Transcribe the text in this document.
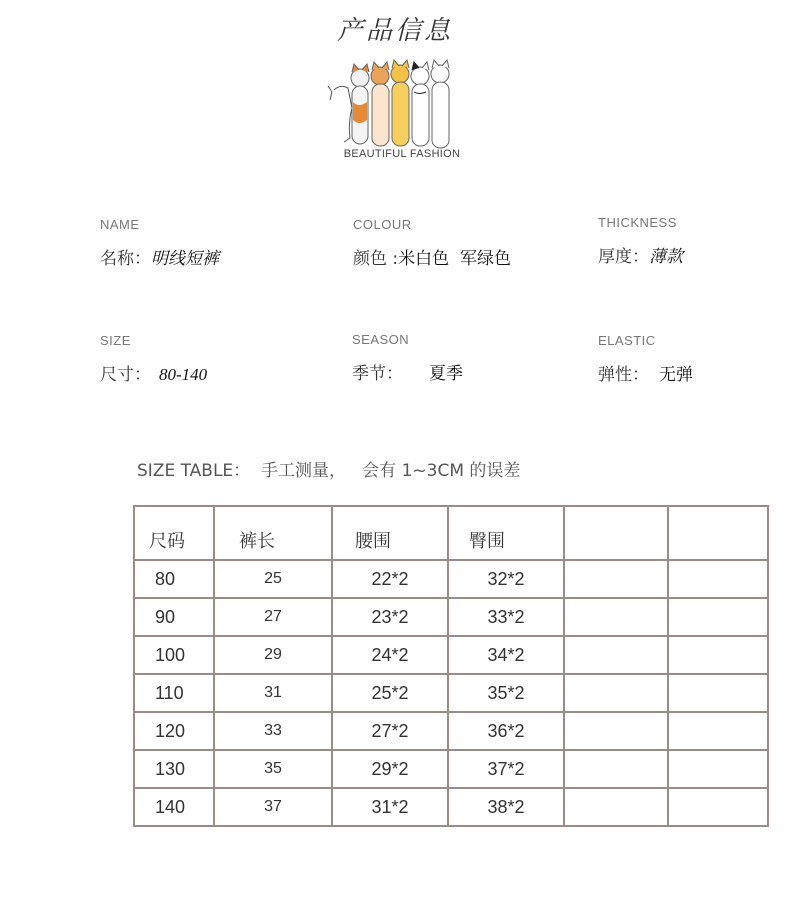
产品信息
BEAUTIFUL FASHION
NAME
名称：明线短裤
COLOUR
颜色 :米白色  军绿色
THICKNESS
厚度：薄款
SIZE
尺寸： 80-140
SEASON
季节： 夏季
ELASTIC
弹性： 无弹
SIZE TABLE：  手工测量，   会有 1~3CM 的误差
尺码	裤长	腰围	臀围		
80	25	22*2	32*2		
90	27	23*2	33*2		
100	29	24*2	34*2		
110	31	25*2	35*2		
120	33	27*2	36*2		
130	35	29*2	37*2		
140	37	31*2	38*2		
